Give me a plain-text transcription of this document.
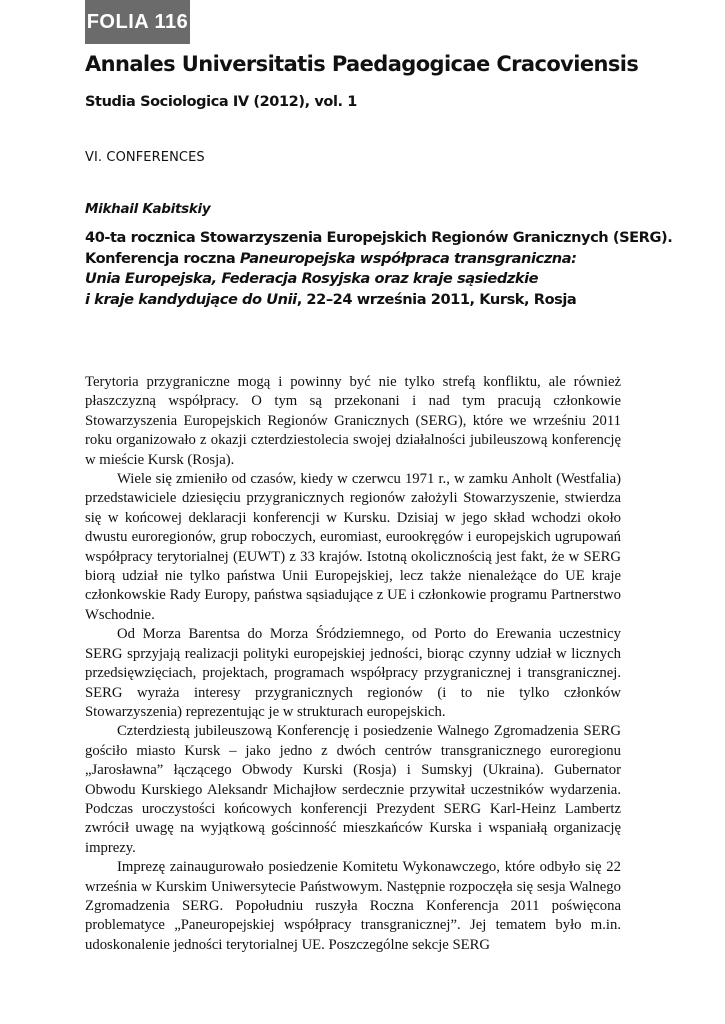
FOLIA 116
Annales Universitatis Paedagogicae Cracoviensis
Studia Sociologica IV (2012), vol. 1
VI. CONFERENCES
Mikhail Kabitskiy
40-ta rocznica Stowarzyszenia Europejskich Regionów Granicznych (SERG).
Konferencja roczna Paneuropejska współpraca transgraniczna:
Unia Europejska, Federacja Rosyjska oraz kraje sąsiedzkie
i kraje kandydujące do Unii, 22–24 września 2011, Kursk, Rosja

Terytoria przygraniczne mogą i powinny być nie tylko strefą konfliktu, ale również płaszczyzną współpracy. O tym są przekonani i nad tym pracują członkowie Stowarzyszenia Europejskich Regionów Granicznych (SERG), które we wrześniu 2011 roku organizowało z okazji czterdziestolecia swojej działalności jubileuszową konferencję w mieście Kursk (Rosja).

Wiele się zmieniło od czasów, kiedy w czerwcu 1971 r., w zamku Anholt (Westfalia) przedstawiciele dziesięciu przygranicznych regionów założyli Stowarzyszenie, stwierdza się w końcowej deklaracji konferencji w Kursku. Dzisiaj w jego skład wchodzi około dwustu euroregionów, grup roboczych, euromiast, eurookręgów i europejskich ugrupowań współpracy terytorialnej (EUWT) z 33 krajów. Istotną okolicznością jest fakt, że w SERG biorą udział nie tylko państwa Unii Europejskiej, lecz także nienależące do UE kraje członkowskie Rady Europy, państwa sąsiadujące z UE i członkowie programu Partnerstwo Wschodnie.

Od Morza Barentsa do Morza Śródziemnego, od Porto do Erewania uczestnicy SERG sprzyjają realizacji polityki europejskiej jedności, biorąc czynny udział w licznych przedsięwzięciach, projektach, programach współpracy przygranicznej i transgranicznej. SERG wyraża interesy przygranicznych regionów (i to nie tylko członków Stowarzyszenia) reprezentując je w strukturach europejskich.

Czterdziestą jubileuszową Konferencję i posiedzenie Walnego Zgromadzenia SERG gościło miasto Kursk – jako jedno z dwóch centrów transgranicznego euroregionu „Jarosławna” łączącego Obwody Kurski (Rosja) i Sumskyj (Ukraina). Gubernator Obwodu Kurskiego Aleksandr Michajłow serdecznie przywitał uczestników wydarzenia. Podczas uroczystości końcowych konferencji Prezydent SERG Karl-Heinz Lambertz zwrócił uwagę na wyjątkową gościnność mieszkańców Kurska i wspaniałą organizację imprezy.

Imprezę zainaugurowało posiedzenie Komitetu Wykonawczego, które odbyło się 22 września w Kurskim Uniwersytecie Państwowym. Następnie rozpoczęła się sesja Walnego Zgromadzenia SERG. Popołudniu ruszyła Roczna Konferencja 2011 poświęcona problematyce „Paneuropejskiej współpracy transgranicznej”. Jej tematem było m.in. udoskonalenie jedności terytorialnej UE. Poszczególne sekcje SERG
